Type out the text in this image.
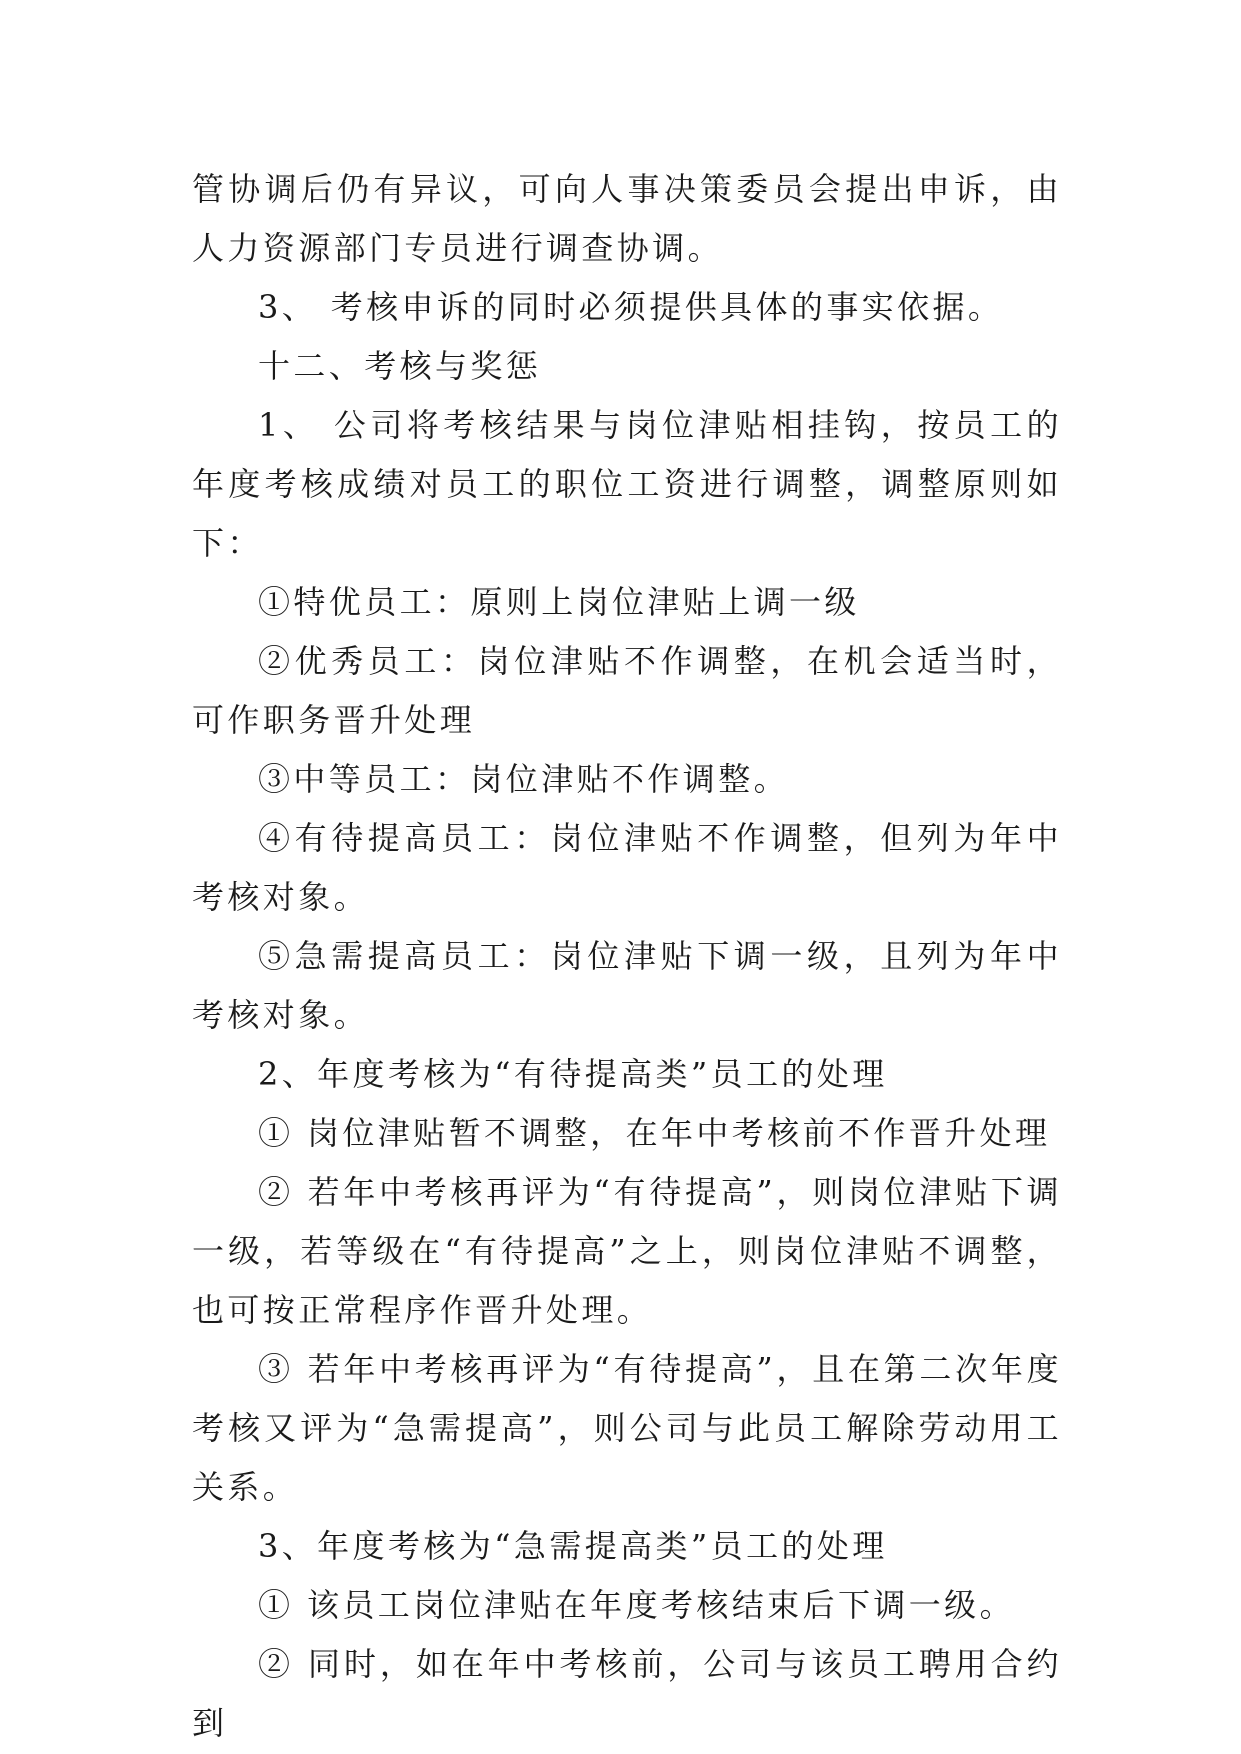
管协调后仍有异议，可向人事决策委员会提出申诉，由人力资源部门专员进行调查协调。

3、 考核申诉的同时必须提供具体的事实依据。

十二、考核与奖惩

1、 公司将考核结果与岗位津贴相挂钩，按员工的年度考核成绩对员工的职位工资进行调整，调整原则如下：

①特优员工：原则上岗位津贴上调一级

②优秀员工：岗位津贴不作调整，在机会适当时，可作职务晋升处理

③中等员工：岗位津贴不作调整。

④有待提高员工：岗位津贴不作调整，但列为年中考核对象。

⑤急需提高员工：岗位津贴下调一级，且列为年中考核对象。

2、年度考核为“有待提高类”员工的处理

① 岗位津贴暂不调整，在年中考核前不作晋升处理

② 若年中考核再评为“有待提高”，则岗位津贴下调一级，若等级在“有待提高”之上，则岗位津贴不调整，也可按正常程序作晋升处理。

③ 若年中考核再评为“有待提高”，且在第二次年度考核又评为“急需提高”，则公司与此员工解除劳动用工关系。

3、年度考核为“急需提高类”员工的处理

① 该员工岗位津贴在年度考核结束后下调一级。

② 同时，如在年中考核前，公司与该员工聘用合约到
